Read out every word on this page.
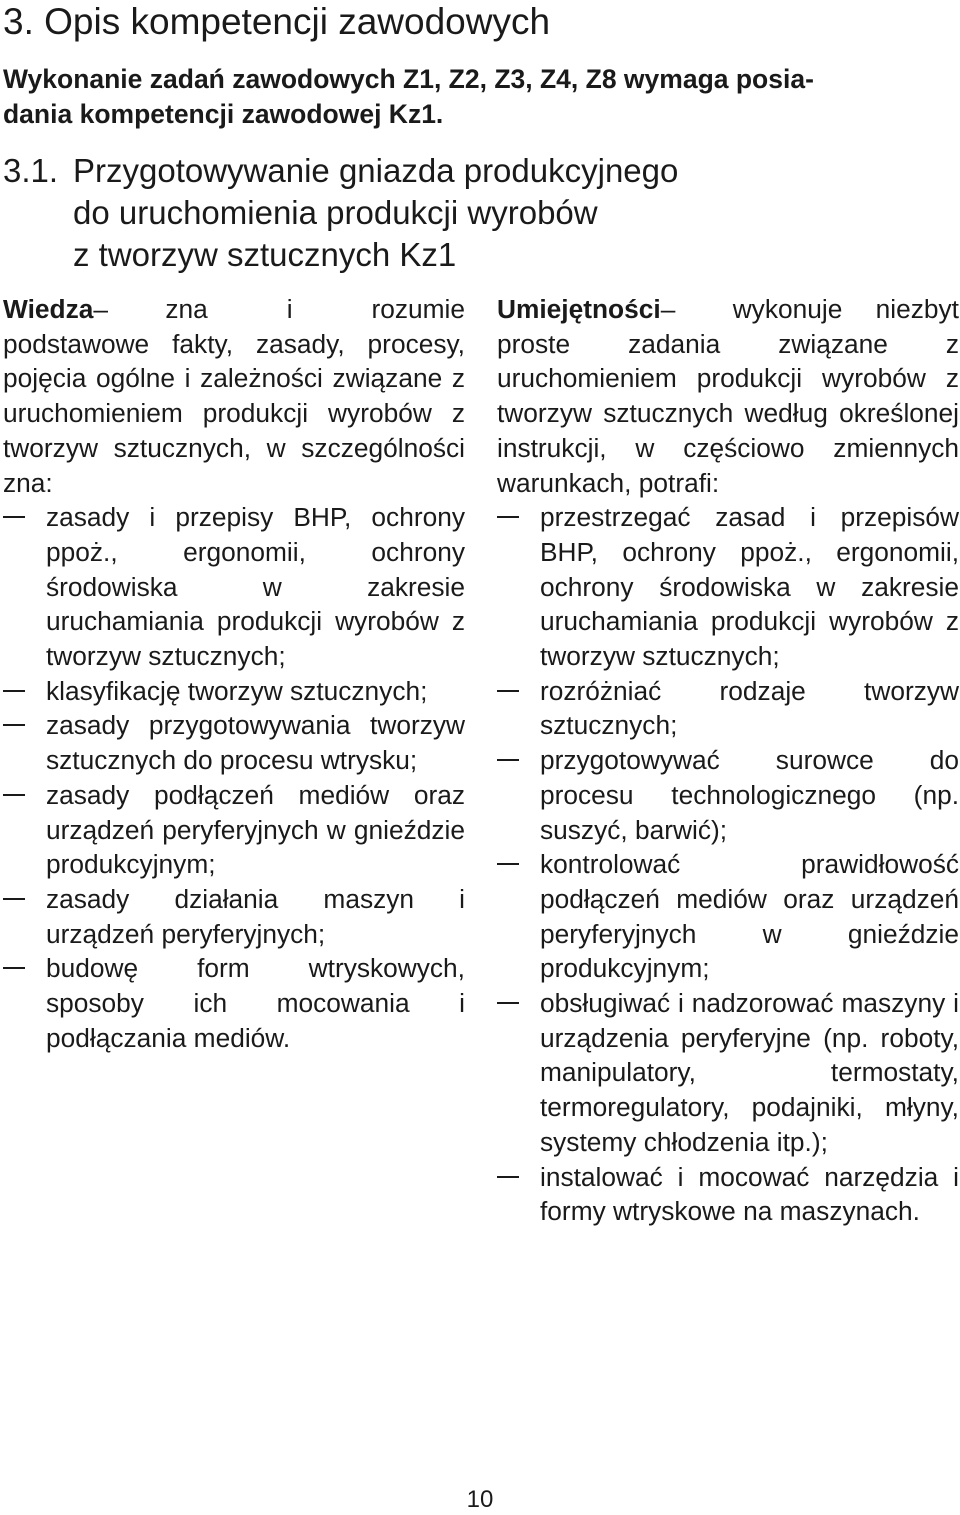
3. Opis kompetencji zawodowych

Wykonanie zadań zawodowych Z1, Z2, Z3, Z4, Z8 wymaga posia-
dania kompetencji zawodowej Kz1.

3.1. Przygotowywanie gniazda produkcyjnego
do uruchomienia produkcji wyrobów
z tworzyw sztucznych Kz1

Wiedza– zna i rozumie podstawowe fakty, zasady, procesy, pojęcia ogólne i zależności związane z uruchomieniem produkcji wyrobów z tworzyw sztucznych, w szczególności zna:

zasady i przepisy BHP, ochrony ppoż., ergonomii, ochrony środowiska w zakresie uruchamiania produkcji wyrobów z tworzyw sztucznych;
klasyfikację tworzyw sztucznych;
zasady przygotowywania tworzyw sztucznych do procesu wtrysku;
zasady podłączeń mediów oraz urządzeń peryferyjnych w gnieździe produkcyjnym;
zasady działania maszyn i urządzeń peryferyjnych;
budowę form wtryskowych, sposoby ich mocowania i podłączania mediów.

Umiejętności– wykonuje niezbyt proste zadania związane z uruchomieniem produkcji wyrobów z tworzyw sztucznych według określonej instrukcji, w częściowo zmiennych warunkach, potrafi:

przestrzegać zasad i przepisów BHP, ochrony ppoż., ergonomii, ochrony środowiska w zakresie uruchamiania produkcji wyrobów z tworzyw sztucznych;
rozróżniać rodzaje tworzyw sztucznych;
przygotowywać surowce do procesu technologicznego (np. suszyć, barwić);
kontrolować prawidłowość podłączeń mediów oraz urządzeń peryferyjnych w gnieździe produkcyjnym;
obsługiwać i nadzorować maszyny i urządzenia peryferyjne (np. roboty, manipulatory, termostaty, termoregulatory, podajniki, młyny, systemy chłodzenia itp.);
instalować i mocować narzędzia i formy wtryskowe na maszynach.
10
